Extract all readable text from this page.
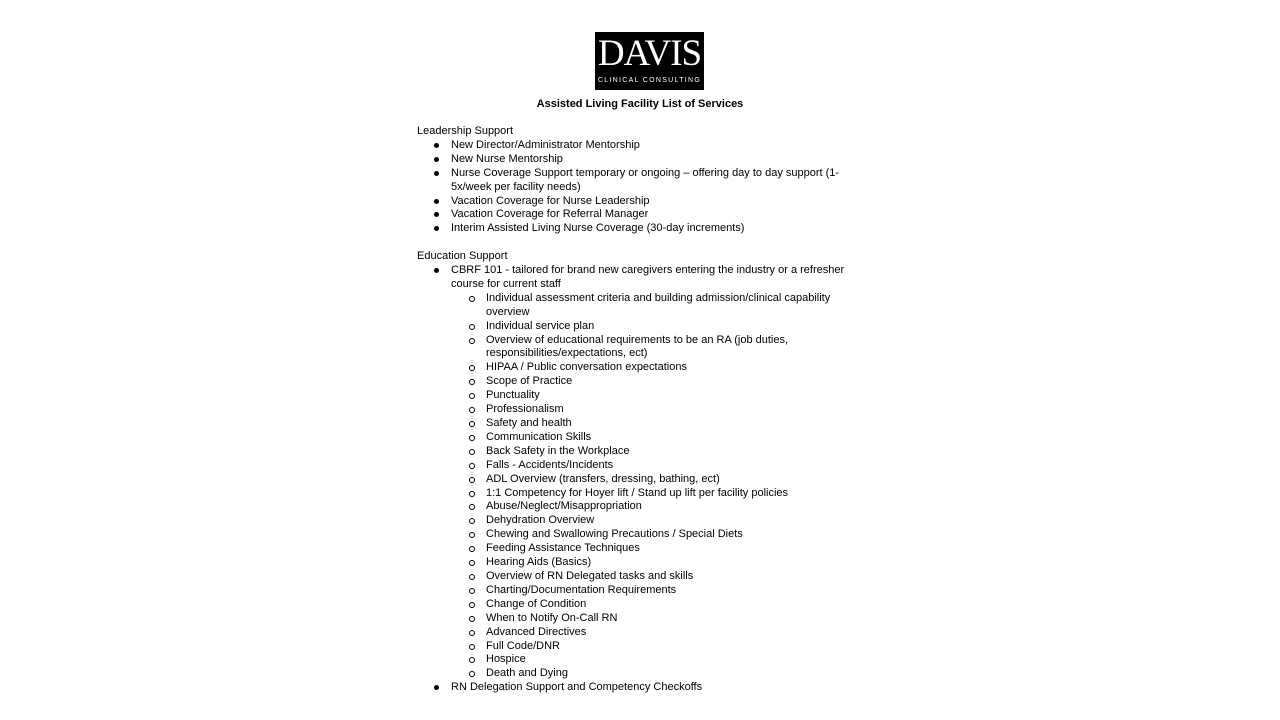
DAVIS
CLINICAL CONSULTING
Assisted Living Facility List of Services
Leadership Support
New Director/Administrator Mentorship
New Nurse Mentorship
Nurse Coverage Support temporary or ongoing – offering day to day support (1-5x/week per facility needs)
Vacation Coverage for Nurse Leadership
Vacation Coverage for Referral Manager
Interim Assisted Living Nurse Coverage (30-day increments)
Education Support
CBRF 101 - tailored for brand new caregivers entering the industry or a refresher course for current staff
Individual assessment criteria and building admission/clinical capability overview
Individual service plan
Overview of educational requirements to be an RA (job duties, responsibilities/expectations, ect)
HIPAA / Public conversation expectations
Scope of Practice
Punctuality
Professionalism
Safety and health
Communication Skills
Back Safety in the Workplace
Falls - Accidents/Incidents
ADL Overview (transfers, dressing, bathing, ect)
1:1 Competency for Hoyer lift / Stand up lift per facility policies
Abuse/Neglect/Misappropriation
Dehydration Overview
Chewing and Swallowing Precautions / Special Diets
Feeding Assistance Techniques
Hearing Aids (Basics)
Overview of RN Delegated tasks and skills
Charting/Documentation Requirements
Change of Condition
When to Notify On-Call RN
Advanced Directives
Full Code/DNR
Hospice
Death and Dying
RN Delegation Support and Competency Checkoffs
